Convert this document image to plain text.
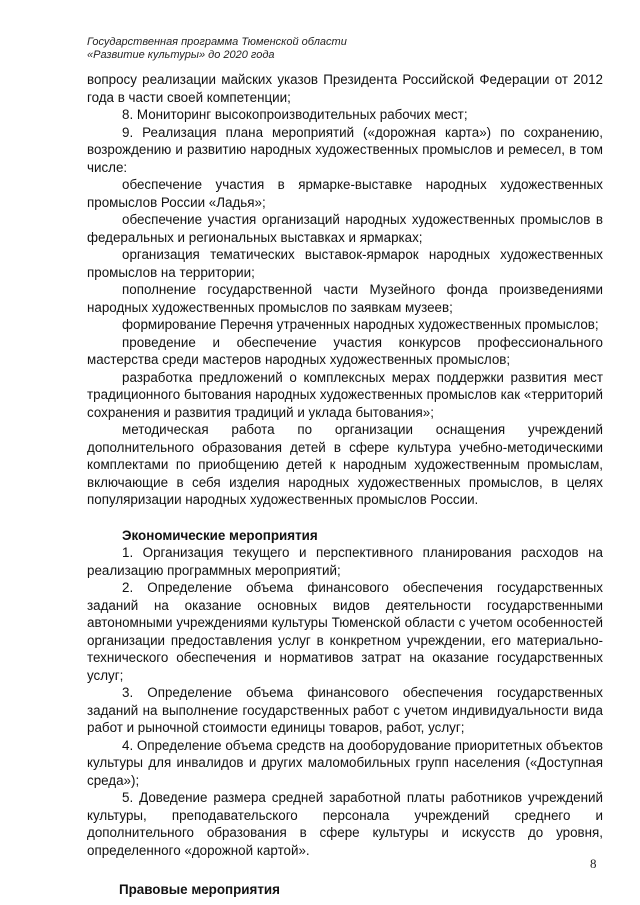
Государственная программа Тюменской области
«Развитие культуры» до 2020 года

вопросу реализации майских указов Президента Российской Федерации от 2012 года в части своей компетенции;

8. Мониторинг высокопроизводительных рабочих мест;

9. Реализация плана мероприятий («дорожная карта») по сохранению, возрождению и развитию народных художественных промыслов и ремесел, в том числе:

обеспечение участия в ярмарке-выставке народных художественных промыслов России «Ладья»;

обеспечение участия организаций народных художественных промыслов в федеральных и региональных выставках и ярмарках;

организация тематических выставок-ярмарок народных художественных промыслов на территории;

пополнение государственной части Музейного фонда произведениями народных художественных промыслов по заявкам музеев;

формирование Перечня утраченных народных художественных промыслов;

проведение и обеспечение участия конкурсов профессионального мастерства среди мастеров народных художественных промыслов;

разработка предложений о комплексных мерах поддержки развития мест традиционного бытования народных художественных промыслов как «территорий сохранения и развития традиций и уклада бытования»;

методическая работа по организации оснащения учреждений дополнительного образования детей в сфере культура учебно-методическими комплектами по приобщению детей к народным художественным промыслам, включающие в себя изделия народных художественных промыслов, в целях популяризации народных художественных промыслов России.

Экономические мероприятия

1. Организация текущего и перспективного планирования расходов на реализацию программных мероприятий;

2. Определение объема финансового обеспечения государственных заданий на оказание основных видов деятельности государственными автономными учреждениями культуры Тюменской области с учетом особенностей организации предоставления услуг в конкретном учреждении, его материально-технического обеспечения и нормативов затрат на оказание государственных услуг;

3. Определение объема финансового обеспечения государственных заданий на выполнение государственных работ с учетом индивидуальности вида работ и рыночной стоимости единицы товаров, работ, услуг;

4. Определение объема средств на дооборудование приоритетных объектов культуры для инвалидов и других маломобильных групп населения («Доступная среда»);

5. Доведение размера средней заработной платы работников учреждений культуры, преподавательского персонала учреждений среднего и дополнительного образования в сфере культуры и искусств до уровня, определенного «дорожной картой».

Правовые мероприятия
8
